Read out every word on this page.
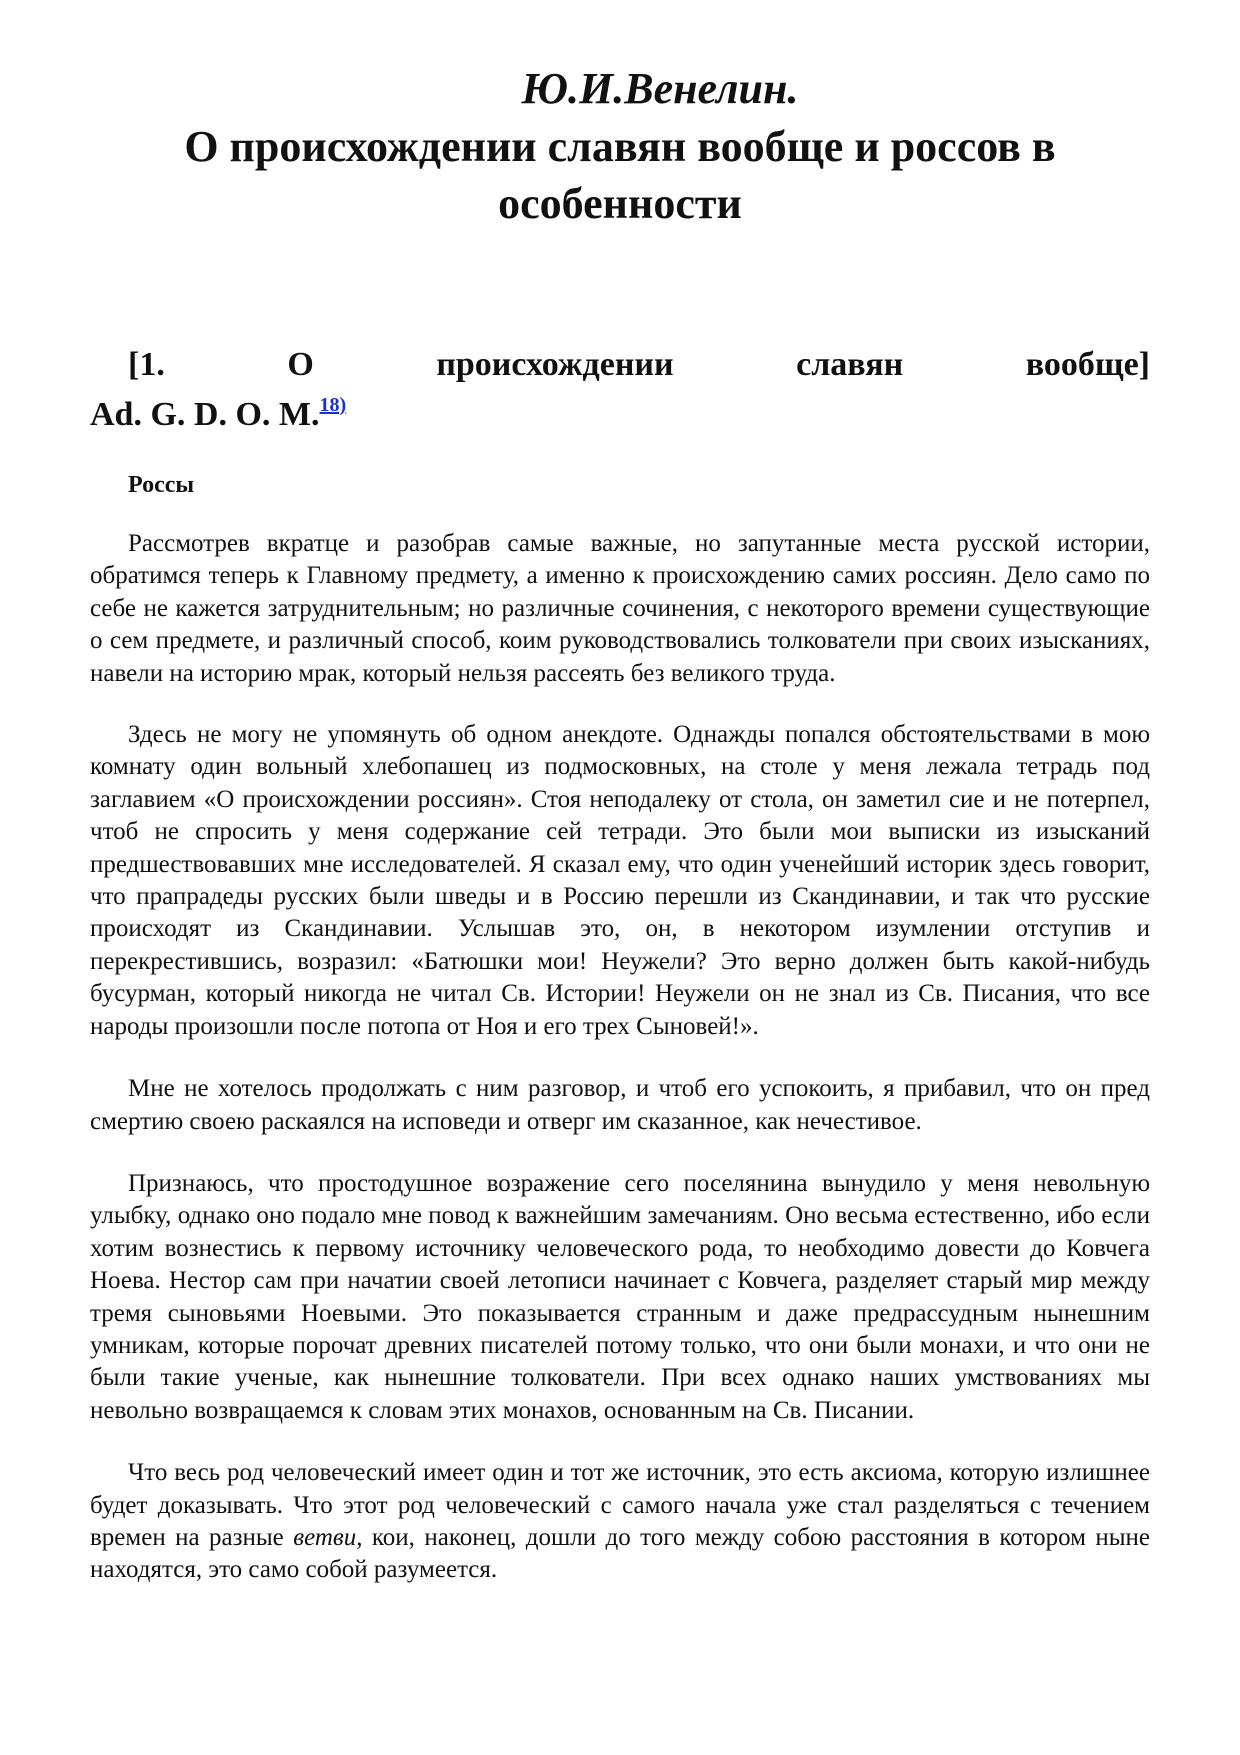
Ю.И.Венелин.
О происхождении славян вообще и россов в особенности
[1.	О	происхождении	славян	вообще]
Ad. G. D. O. M.$^{18)}$
Россы

Рассмотрев вкратце и разобрав самые важные, но запутанные места русской истории, обратимся теперь к Главному предмету, а именно к происхождению самих россиян. Дело само по себе не кажется затруднительным; но различные сочинения, с некоторого времени существующие о сем предмете, и различный способ, коим руководствовались толкователи при своих изысканиях, навели на историю мрак, который нельзя рассеять без великого труда.

Здесь не могу не упомянуть об одном анекдоте. Однажды попался обстоятельствами в мою комнату один вольный хлебопашец из подмосковных, на столе у меня лежала тетрадь под заглавием «О происхождении россиян». Стоя неподалеку от стола, он заметил сие и не потерпел, чтоб не спросить у меня содержание сей тетради. Это были мои выписки из изысканий предшествовавших мне исследователей. Я сказал ему, что один ученейший историк здесь говорит, что прапрадеды русских были шведы и в Россию перешли из Скандинавии, и так что русские происходят из Скандинавии. Услышав это, он, в некотором изумлении отступив и перекрестившись, возразил: «Батюшки мои! Неужели? Это верно должен быть какой-нибудь бусурман, который никогда не читал Св. Истории! Неужели он не знал из Св. Писания, что все народы произошли после потопа от Ноя и его трех Сыновей!».

Мне не хотелось продолжать с ним разговор, и чтоб его успокоить, я прибавил, что он пред смертию своею раскаялся на исповеди и отверг им сказанное, как нечестивое.

Признаюсь, что простодушное возражение сего поселянина вынудило у меня невольную улыбку, однако оно подало мне повод к важнейшим замечаниям. Оно весьма естественно, ибо если хотим вознестись к первому источнику человеческого рода, то необходимо довести до Ковчега Ноева. Нестор сам при начатии своей летописи начинает с Ковчега, разделяет старый мир между тремя сыновьями Ноевыми. Это показывается странным и даже предрассудным нынешним умникам, которые порочат древних писателей потому только, что они были монахи, и что они не были такие ученые, как нынешние толкователи. При всех однако наших умствованиях мы невольно возвращаемся к словам этих монахов, основанным на Св. Писании.

Что весь род человеческий имеет один и тот же источник, это есть аксиома, которую излишнее будет доказывать. Что этот род человеческий с самого начала уже стал разделяться с течением времен на разные ветви, кои, наконец, дошли до того между собою расстояния в котором ныне находятся, это само собой разумеется.
